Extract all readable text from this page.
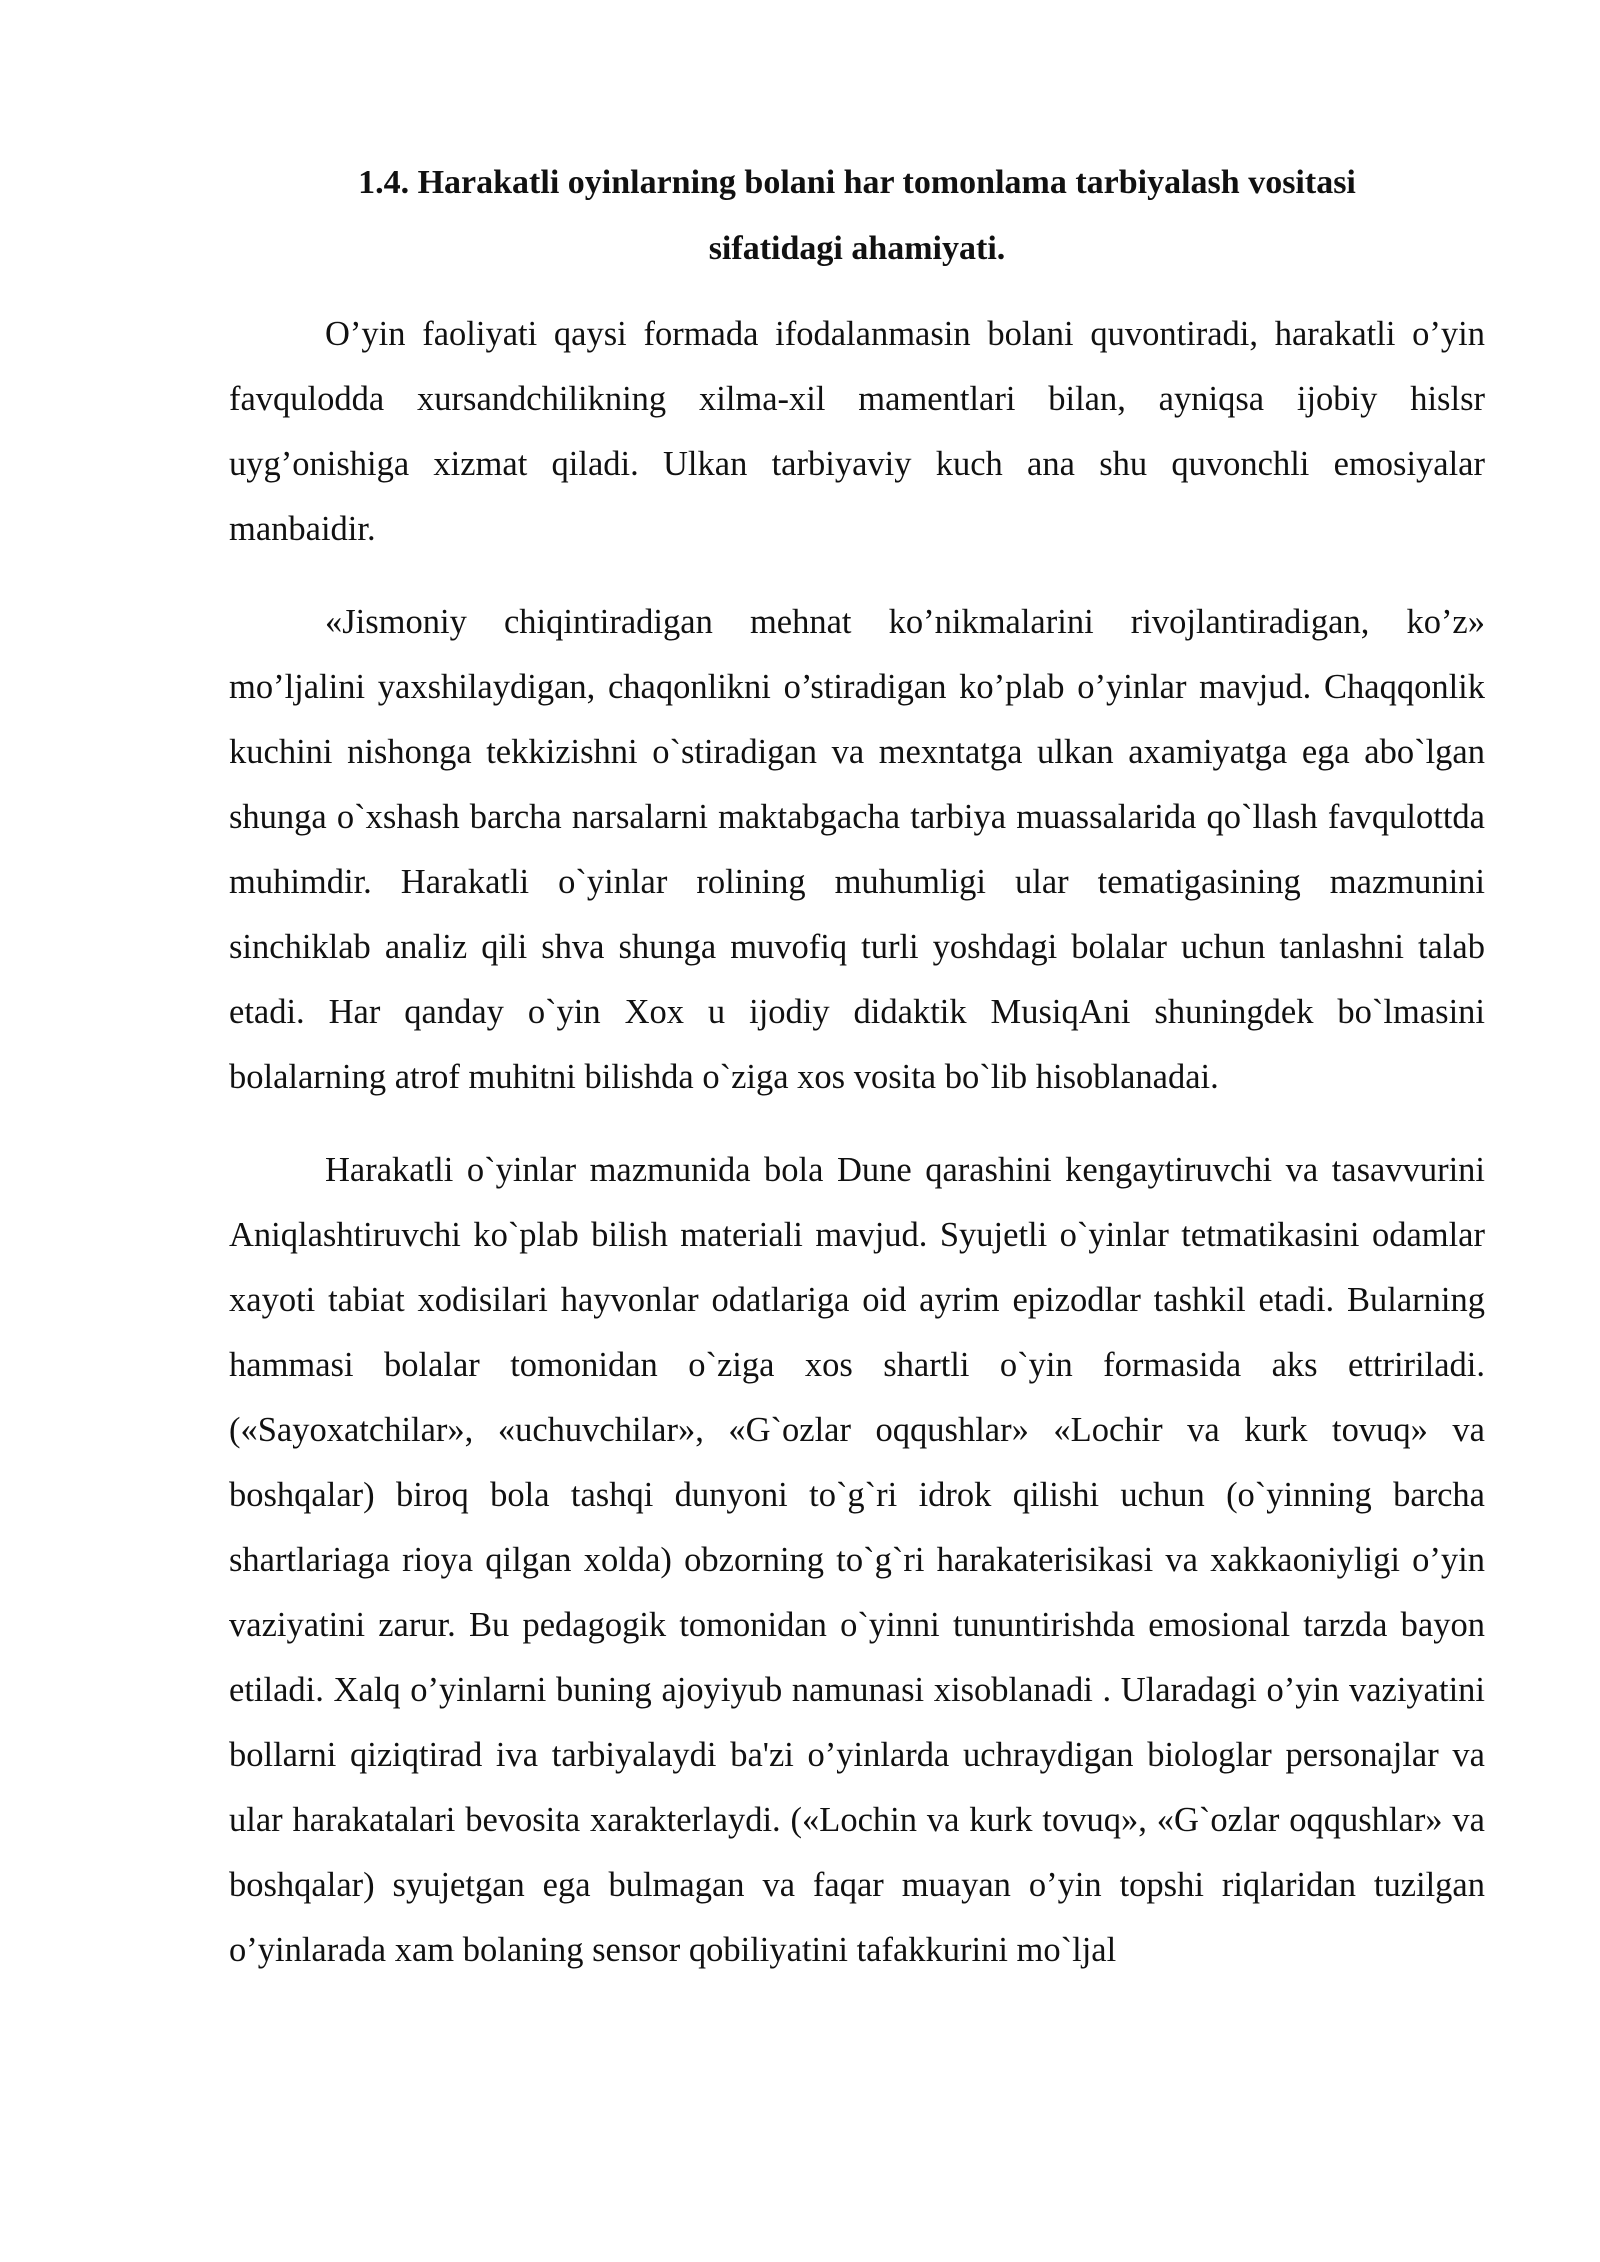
1.4. Harakatli oyinlarning bolani har tomonlama tarbiyalash vositasi
sifatidagi ahamiyati.

O’yin faoliyati qaysi formada ifodalanmasin bolani quvontiradi, harakatli o’yin favqulodda xursandchilikning xilma-xil mamentlari bilan, ayniqsa ijobiy hislsr uyg’onishiga xizmat qiladi. Ulkan tarbiyaviy kuch ana shu quvonchli emosiyalar manbaidir.

«Jismoniy chiqintiradigan mehnat ko’nikmalarini rivojlantiradigan, ko’z» mo’ljalini yaxshilaydigan, chaqonlikni o’stiradigan ko’plab o’yinlar mavjud. Chaqqonlik kuchini nishonga tekkizishni o`stiradigan va mexntatga ulkan axamiyatga ega abo`lgan shunga o`xshash barcha narsalarni maktabgacha tarbiya muassalarida qo`llash favqulottda muhimdir. Harakatli o`yinlar rolining muhumligi ular tematigasining mazmunini sinchiklab analiz qili shva shunga muvofiq turli yoshdagi bolalar uchun tanlashni talab etadi. Har qanday o`yin Xox u ijodiy didaktik MusiqAni shuningdek bo`lmasini bolalarning atrof muhitni bilishda o`ziga xos vosita bo`lib hisoblanadai.

Harakatli o`yinlar mazmunida bola Dune qarashini kengaytiruvchi va tasavvurini Aniqlashtiruvchi ko`plab bilish materiali mavjud. Syujetli o`yinlar tetmatikasini odamlar xayoti tabiat xodisilari hayvonlar odatlariga oid ayrim epizodlar tashkil etadi. Bularning hammasi bolalar tomonidan o`ziga xos shartli o`yin formasida aks ettririladi. («Sayoxatchilar», «uchuvchilar», «G`ozlar oqqushlar» «Lochir va kurk tovuq» va boshqalar) biroq bola tashqi dunyoni to`g`ri idrok qilishi uchun (o`yinning barcha shartlariaga rioya qilgan xolda) obzorning to`g`ri harakaterisikasi va xakkaoniyligi o’yin vaziyatini zarur. Bu pedagogik tomonidan o`yinni tununtirishda emosional tarzda bayon etiladi. Xalq o’yinlarni buning ajoyiyub namunasi xisoblanadi . Ularadagi o’yin vaziyatini bollarni qiziqtirad iva tarbiyalaydi ba'zi o’yinlarda uchraydigan biologlar personajlar va ular harakatalari bevosita xarakterlaydi. («Lochin va kurk tovuq», «G`ozlar oqqushlar» va boshqalar) syujetgan ega bulmagan va faqar muayan o’yin topshi riqlaridan tuzilgan o’yinlarada xam bolaning sensor qobiliyatini tafakkurini mo`ljal
